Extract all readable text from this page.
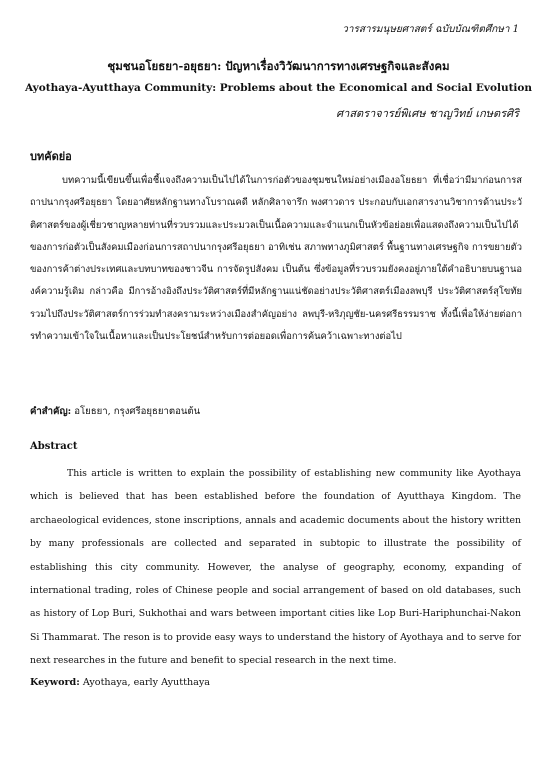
วารสารมนุษยศาสตร์ ฉบับบัณฑิตศึกษา 1
ชุมชนอโยธยา-อยุธยา: ปัญหาเรื่องวิวัฒนาการทางเศรษฐกิจและสังคม
Ayothaya-Ayutthaya Community: Problems about the Economical and Social Evolution
ศาสตราจารย์พิเศษ ชาญวิทย์ เกษตรศิริ
บทคัดย่อ

บทความนี้เขียนขึ้นเพื่อชี้แจงถึงความเป็นไปได้ในการก่อตัวของชุมชนใหม่อย่างเมืองอโยธยา ที่เชื่อว่ามีมาก่อนการสถาปนากรุงศรีอยุธยา โดยอาศัยหลักฐานทางโบราณคดี หลักศิลาจารึก พงศาวดาร ประกอบกับเอกสารงานวิชาการด้านประวัติศาสตร์ของผู้เชี่ยวชาญหลายท่านที่รวบรวมและประมวลเป็นเนื้อความและจำแนกเป็นหัวข้อย่อยเพื่อแสดงถึงความเป็นไปได้ของการก่อตัวเป็นสังคมเมืองก่อนการสถาปนากรุงศรีอยุธยา อาทิเช่น สภาพทางภูมิศาสตร์ พื้นฐานทางเศรษฐกิจ การขยายตัวของการค้าต่างประเทศและบทบาทของชาวจีน การจัดรูปสังคม เป็นต้น ซึ่งข้อมูลที่รวบรวมยังคงอยู่ภายใต้คำอธิบายบนฐานองค์ความรู้เดิม กล่าวคือ มีการอ้างอิงถึงประวัติศาสตร์ที่มีหลักฐานแน่ชัดอย่างประวัติศาสตร์เมืองลพบุรี ประวัติศาสตร์สุโขทัย รวมไปถึงประวัติศาสตร์การร่วมทำสงครามระหว่างเมืองสำคัญอย่าง ลพบุรี-หริภุญชัย-นครศรีธรรมราช ทั้งนี้เพื่อให้ง่ายต่อการทำความเข้าใจในเนื้อหาและเป็นประโยชน์สำหรับการต่อยอดเพื่อการค้นคว้าเฉพาะทางต่อไป

คำสำคัญ: อโยธยา, กรุงศรีอยุธยาตอนต้น
Abstract

This article is written to explain the possibility of establishing new community like Ayothaya which is believed that has been established before the foundation of Ayutthaya Kingdom. The archaeological evidences, stone inscriptions, annals and academic documents about the history written by many professionals are collected and separated in subtopic to illustrate the possibility of establishing this city community. However, the analyse of geography, economy, expanding of international trading, roles of Chinese people and social arrangement of based on old databases, such as history of Lop Buri, Sukhothai and wars between important cities like Lop Buri-Hariphunchai-Nakon Si Thammarat. The reson is to provide easy ways to understand the history of Ayothaya and to serve for next researches in the future and benefit to special research in the next time.

Keyword: Ayothaya, early Ayutthaya
